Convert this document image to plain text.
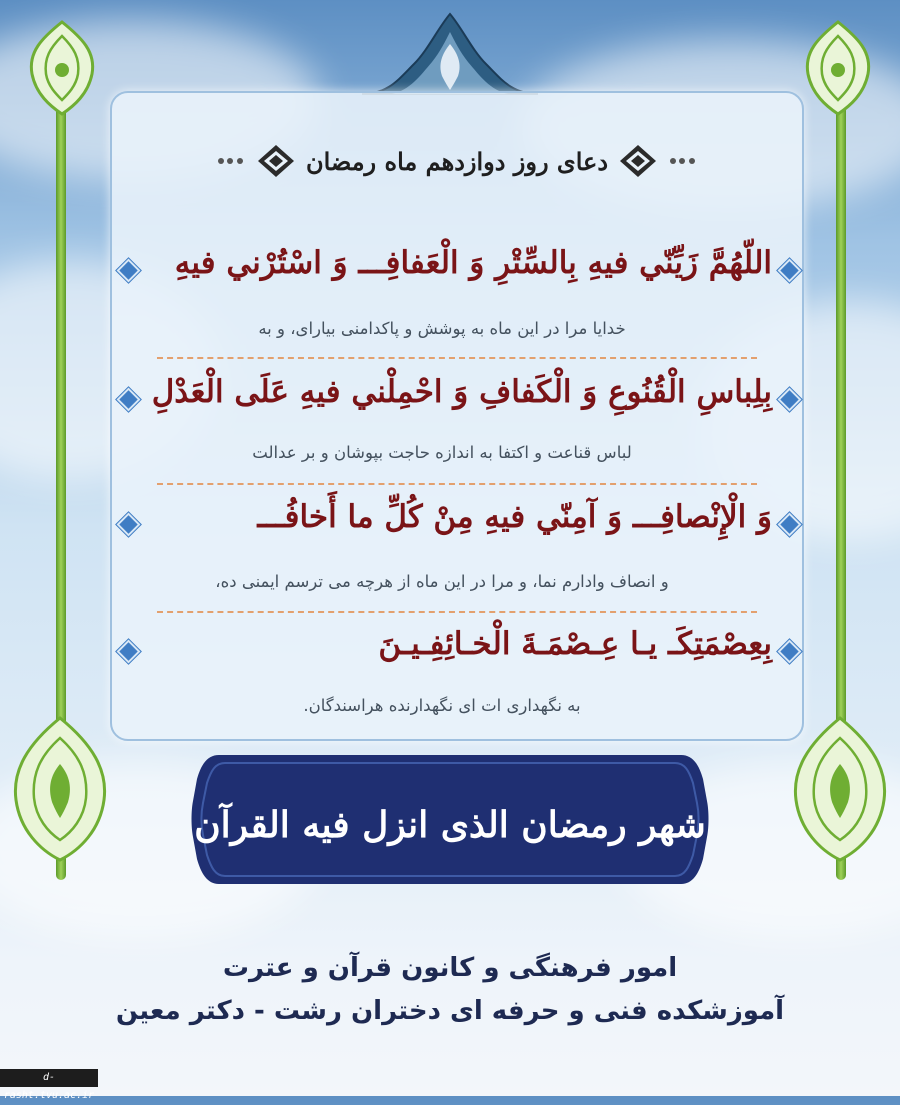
دعای روز دوازدهم ماه رمضان
اللّهُمَّ زَيِّنّي فيهِ بِالسِّتْرِ وَ الْعَفافِـــ وَ اسْتُرْني فيهِ
خدایا مرا در این ماه به پوشش و پاکدامنی بیارای، و به
بِلِباسِ الْقُنُوعِ وَ الْكَفافِ وَ احْمِلْني فيهِ عَلَى الْعَدْلِ
لباس قناعت و اکتفا به اندازه حاجت بپوشان و بر عدالت
وَ الْإِنْصافِـــ وَ آمِنّي فيهِ مِنْ كُلِّ ما أَخافُـــ
و انصاف وادارم نما، و مرا در این ماه از هرچه می ترسم ایمنی ده،
بِعِصْمَتِكَـ يـا عِـصْمَـةَ الْخـائِفِـيـنَ
به نگهداری ات ای نگهدارنده هراسندگان.
شهر رمضان الذی انزل فیه القرآن
امور فرهنگی و کانون قرآن و عترت
آموزشکده فنی و حرفه ای دختران رشت - دکتر معین
d-rasht.tvu.ac.ir
